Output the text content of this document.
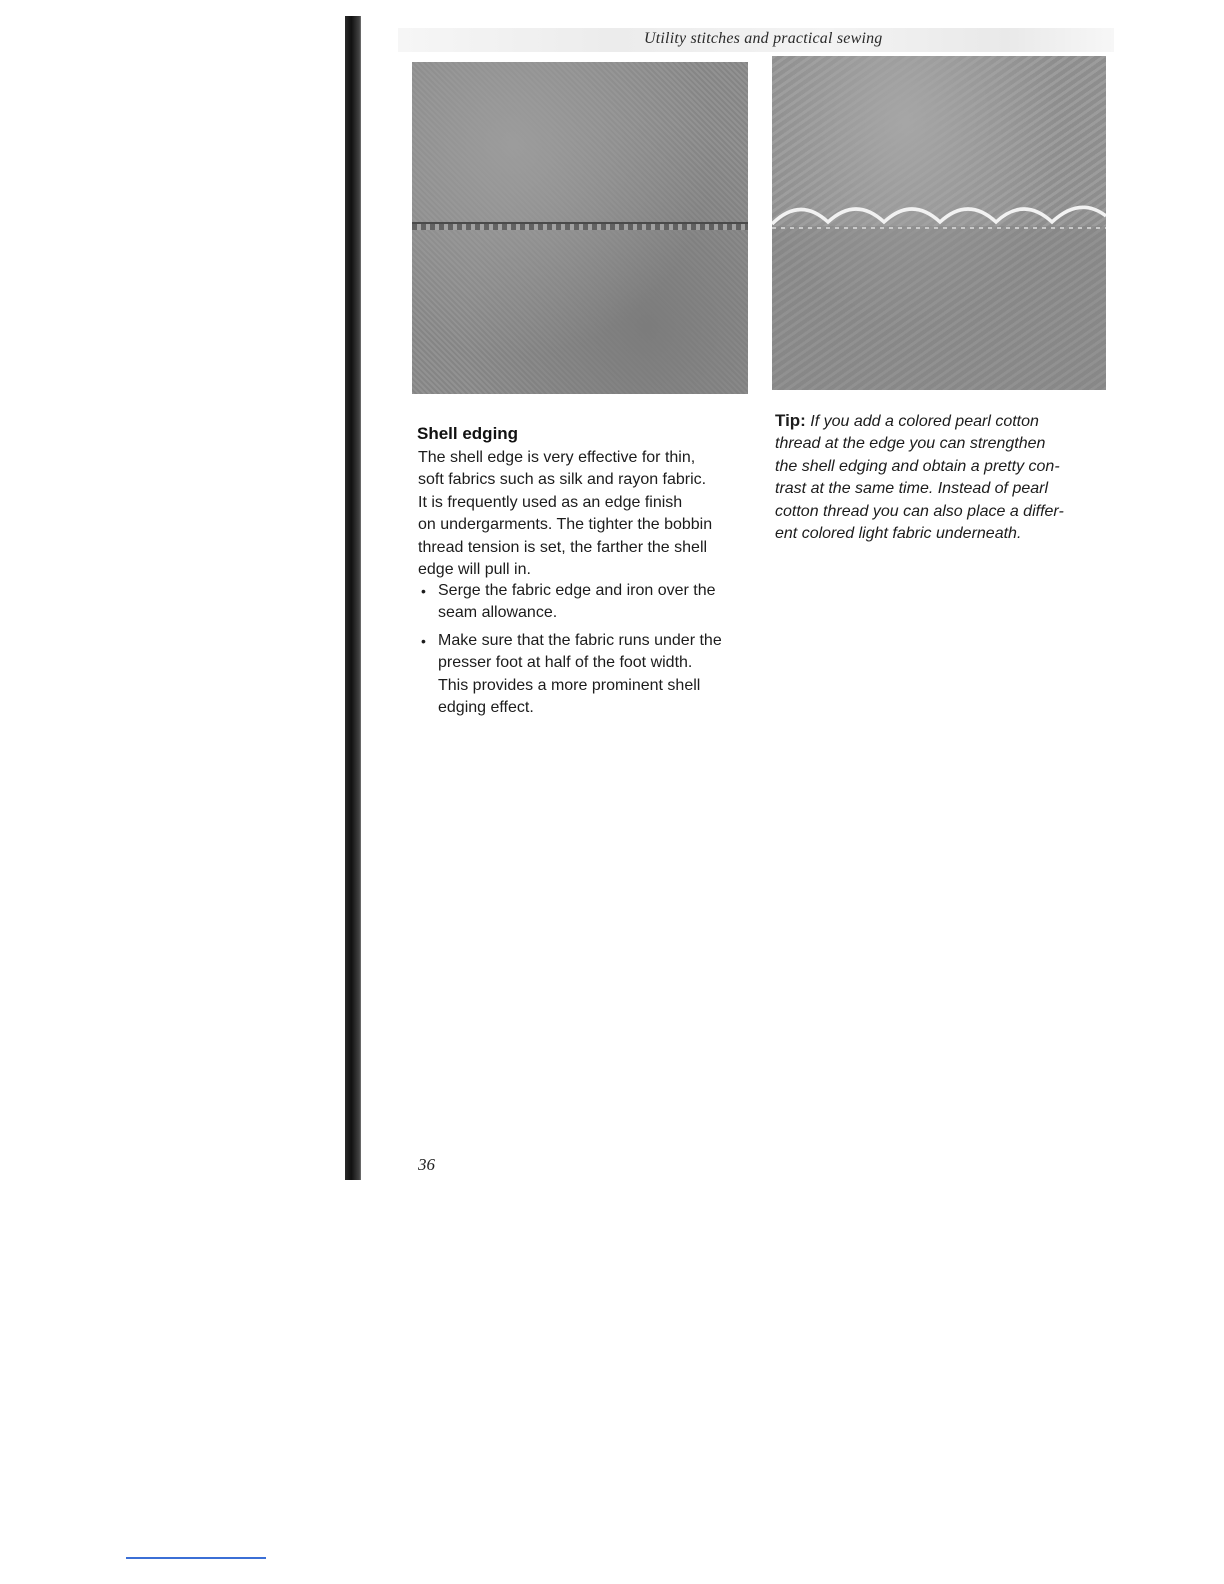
Utility stitches and practical sewing
Shell edging
The shell edge is very effective for thin,
soft fabrics such as silk and rayon fabric.
It is frequently used as an edge finish
on undergarments. The tighter the bobbin
thread tension is set, the farther the shell
edge will pull in.
• Serge the fabric edge and iron over the
seam allowance.
• Make sure that the fabric runs under the
presser foot at half of the foot width.
This provides a more prominent shell
edging effect.
Tip: If you add a colored pearl cotton
thread at the edge you can strengthen
the shell edging and obtain a pretty con-
trast at the same time. Instead of pearl
cotton thread you can also place a differ-
ent colored light fabric underneath.
36
